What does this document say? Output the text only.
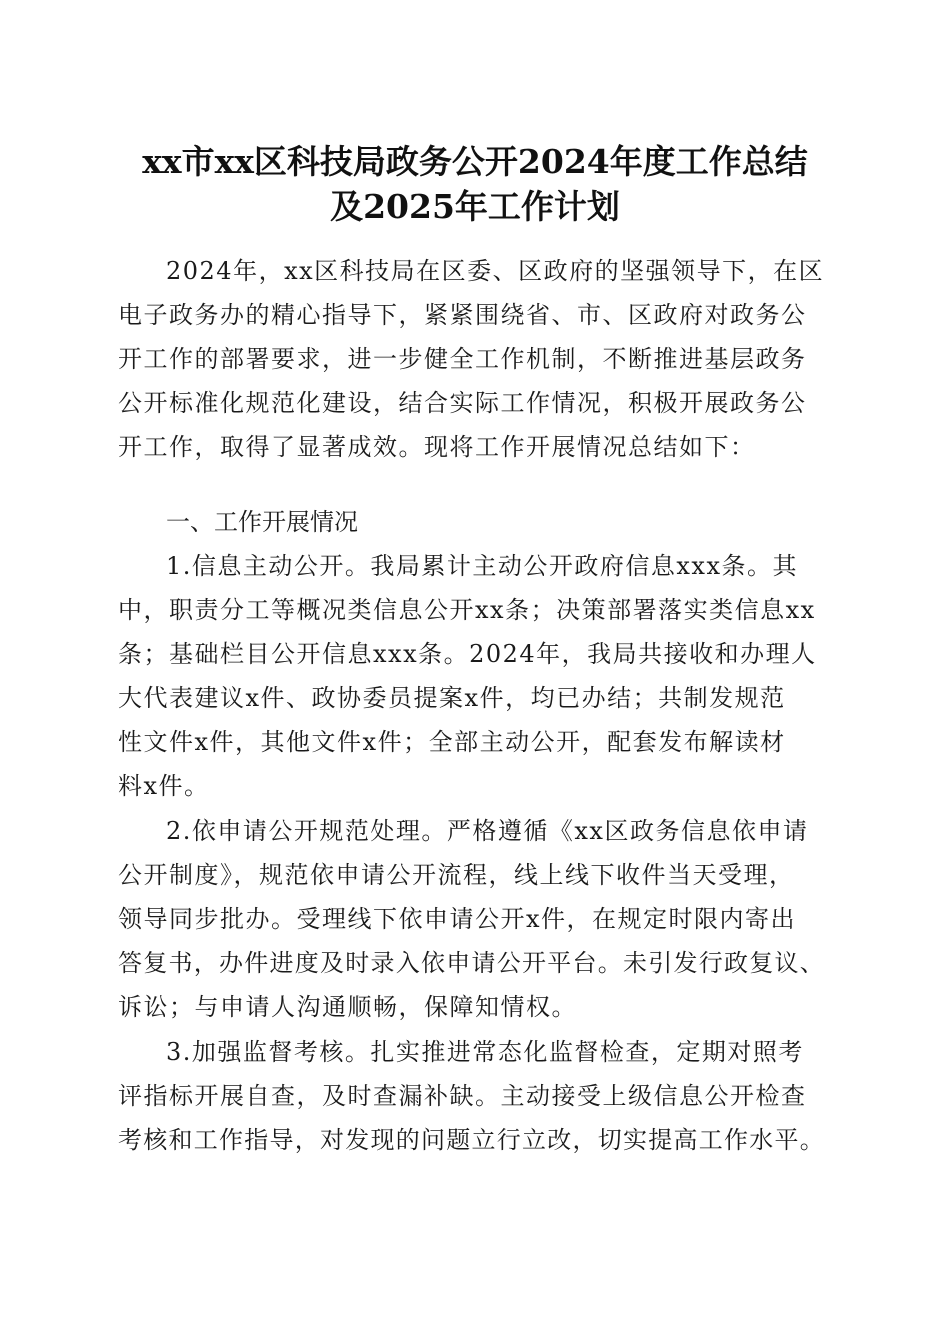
xx市xx区科技局政务公开2024年度工作总结
及2025年工作计划
2024年，xx区科技局在区委、区政府的坚强领导下，在区
电子政务办的精心指导下，紧紧围绕省、市、区政府对政务公
开工作的部署要求，进一步健全工作机制，不断推进基层政务
公开标准化规范化建设，结合实际工作情况，积极开展政务公
开工作，取得了显著成效。现将工作开展情况总结如下：
一、工作开展情况
1.信息主动公开。我局累计主动公开政府信息xxx条。其
中，职责分工等概况类信息公开xx条；决策部署落实类信息xx
条；基础栏目公开信息xxx条。2024年，我局共接收和办理人
大代表建议x件、政协委员提案x件，均已办结；共制发规范
性文件x件，其他文件x件；全部主动公开，配套发布解读材
料x件。
2.依申请公开规范处理。严格遵循《xx区政务信息依申请
公开制度》，规范依申请公开流程，线上线下收件当天受理，
领导同步批办。受理线下依申请公开x件，在规定时限内寄出
答复书，办件进度及时录入依申请公开平台。未引发行政复议、
诉讼；与申请人沟通顺畅，保障知情权。
3.加强监督考核。扎实推进常态化监督检查，定期对照考
评指标开展自查，及时查漏补缺。主动接受上级信息公开检查
考核和工作指导，对发现的问题立行立改，切实提高工作水平。
